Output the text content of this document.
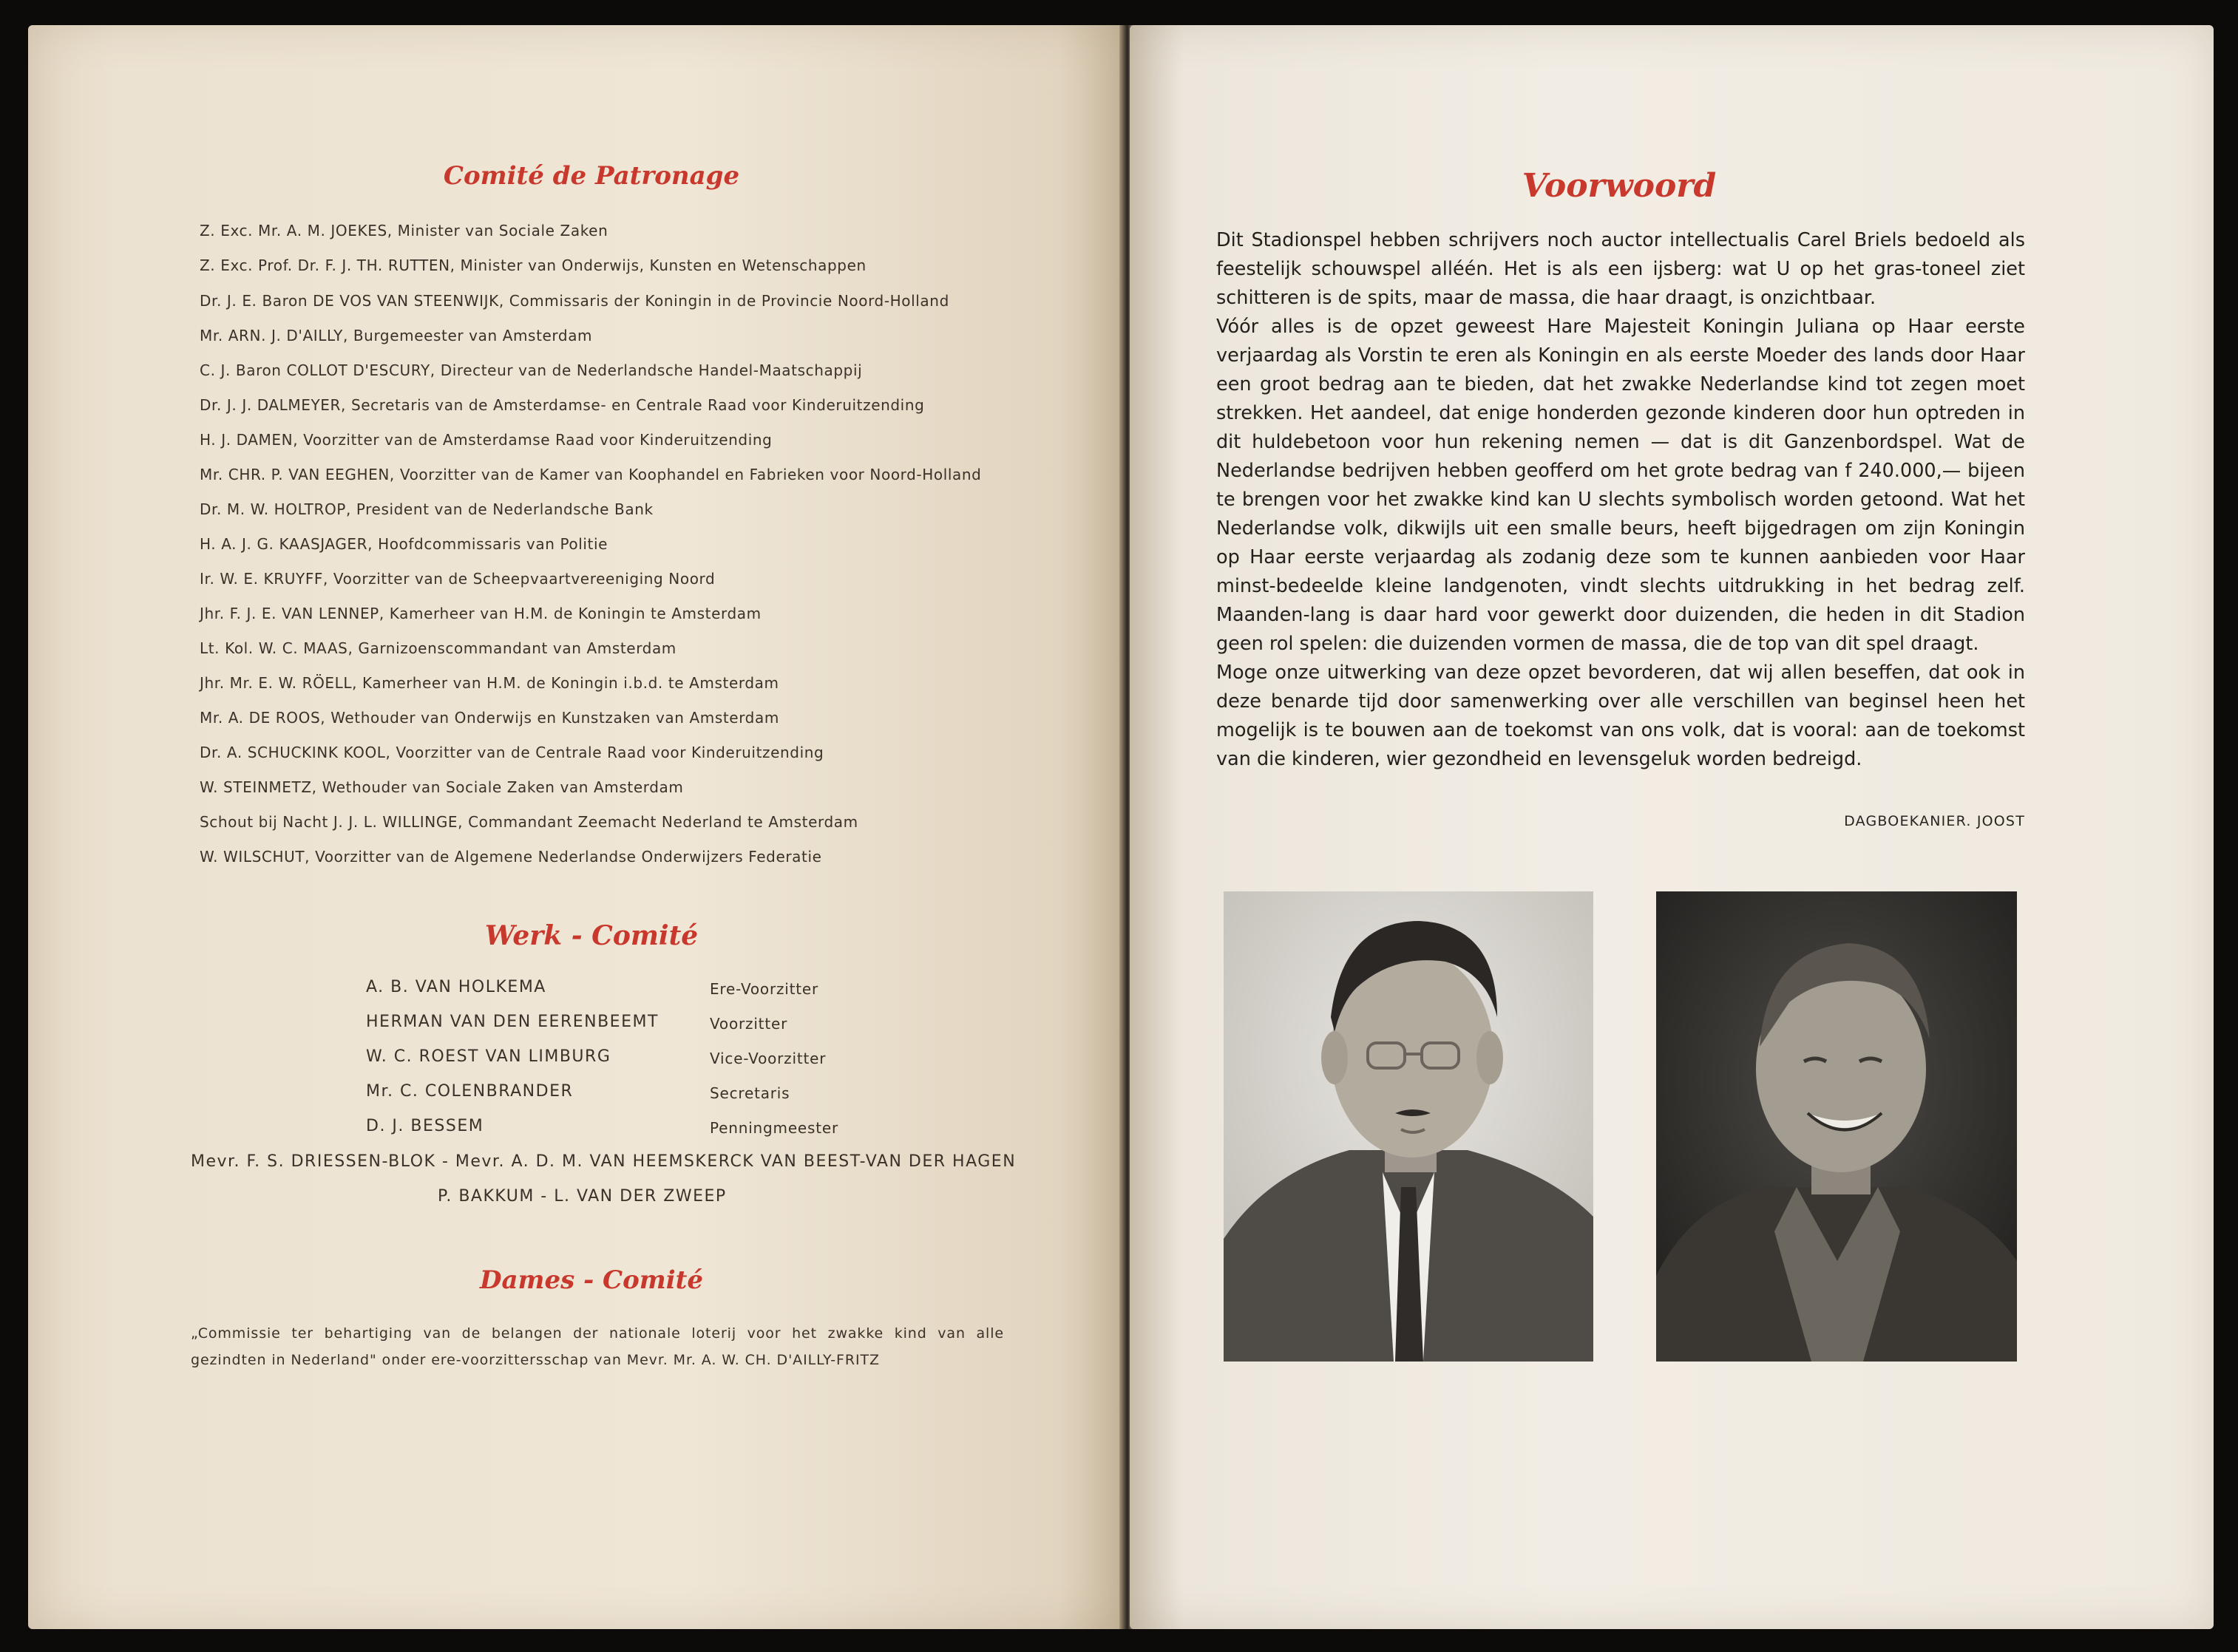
Comité de Patronage
Z. Exc. Mr. A. M. JOEKES, Minister van Sociale Zaken
Z. Exc. Prof. Dr. F. J. TH. RUTTEN, Minister van Onderwijs, Kunsten en Wetenschappen
Dr. J. E. Baron DE VOS VAN STEENWIJK, Commissaris der Koningin in de Provincie Noord-Holland
Mr. ARN. J. D'AILLY, Burgemeester van Amsterdam
C. J. Baron COLLOT D'ESCURY, Directeur van de Nederlandsche Handel-Maatschappij
Dr. J. J. DALMEYER, Secretaris van de Amsterdamse- en Centrale Raad voor Kinderuitzending
H. J. DAMEN, Voorzitter van de Amsterdamse Raad voor Kinderuitzending
Mr. CHR. P. VAN EEGHEN, Voorzitter van de Kamer van Koophandel en Fabrieken voor Noord-Holland
Dr. M. W. HOLTROP, President van de Nederlandsche Bank
H. A. J. G. KAASJAGER, Hoofdcommissaris van Politie
Ir. W. E. KRUYFF, Voorzitter van de Scheepvaartvereeniging Noord
Jhr. F. J. E. VAN LENNEP, Kamerheer van H.M. de Koningin te Amsterdam
Lt. Kol. W. C. MAAS, Garnizoenscommandant van Amsterdam
Jhr. Mr. E. W. RÖELL, Kamerheer van H.M. de Koningin i.b.d. te Amsterdam
Mr. A. DE ROOS, Wethouder van Onderwijs en Kunstzaken van Amsterdam
Dr. A. SCHUCKINK KOOL, Voorzitter van de Centrale Raad voor Kinderuitzending
W. STEINMETZ, Wethouder van Sociale Zaken van Amsterdam
Schout bij Nacht J. J. L. WILLINGE, Commandant Zeemacht Nederland te Amsterdam
W. WILSCHUT, Voorzitter van de Algemene Nederlandse Onderwijzers Federatie
Werk - Comité
A. B. VAN HOLKEMA	Ere-Voorzitter
HERMAN VAN DEN EERENBEEMT	Voorzitter
W. C. ROEST VAN LIMBURG	Vice-Voorzitter
Mr. C. COLENBRANDER	Secretaris
D. J. BESSEM	Penningmeester
Mevr. F. S. DRIESSEN-BLOK - Mevr. A. D. M. VAN HEEMSKERCK VAN BEEST-VAN DER HAGEN
P. BAKKUM - L. VAN DER ZWEEP
Dames - Comité
„Commissie ter behartiging van de belangen der nationale loterij voor het zwakke kind van alle gezindten in Nederland" onder ere-voorzittersschap van Mevr. Mr. A. W. CH. D'AILLY-FRITZ
Voorwoord

Dit Stadionspel hebben schrijvers noch auctor intellectualis Carel Briels bedoeld als feestelijk schouwspel alléén. Het is als een ijsberg: wat U op het gras-toneel ziet schitteren is de spits, maar de massa, die haar draagt, is onzichtbaar.

Vóór alles is de opzet geweest Hare Majesteit Koningin Juliana op Haar eerste verjaardag als Vorstin te eren als Koningin en als eerste Moeder des lands door Haar een groot bedrag aan te bieden, dat het zwakke Nederlandse kind tot zegen moet strekken. Het aandeel, dat enige honderden gezonde kinderen door hun optreden in dit huldebetoon voor hun rekening nemen — dat is dit Ganzenbordspel. Wat de Nederlandse bedrijven hebben geofferd om het grote bedrag van f 240.000,— bijeen te brengen voor het zwakke kind kan U slechts symbolisch worden getoond. Wat het Nederlandse volk, dikwijls uit een smalle beurs, heeft bijgedragen om zijn Koningin op Haar eerste verjaardag als zodanig deze som te kunnen aanbieden voor Haar minst-bedeelde kleine landgenoten, vindt slechts uitdrukking in het bedrag zelf. Maanden-lang is daar hard voor gewerkt door duizenden, die heden in dit Stadion geen rol spelen: die duizenden vormen de massa, die de top van dit spel draagt.

Moge onze uitwerking van deze opzet bevorderen, dat wij allen beseffen, dat ook in deze benarde tijd door samenwerking over alle verschillen van beginsel heen het mogelijk is te bouwen aan de toekomst van ons volk, dat is vooral: aan de toekomst van die kinderen, wier gezondheid en levensgeluk worden bedreigd.

DAGBOEKANIER. JOOST
